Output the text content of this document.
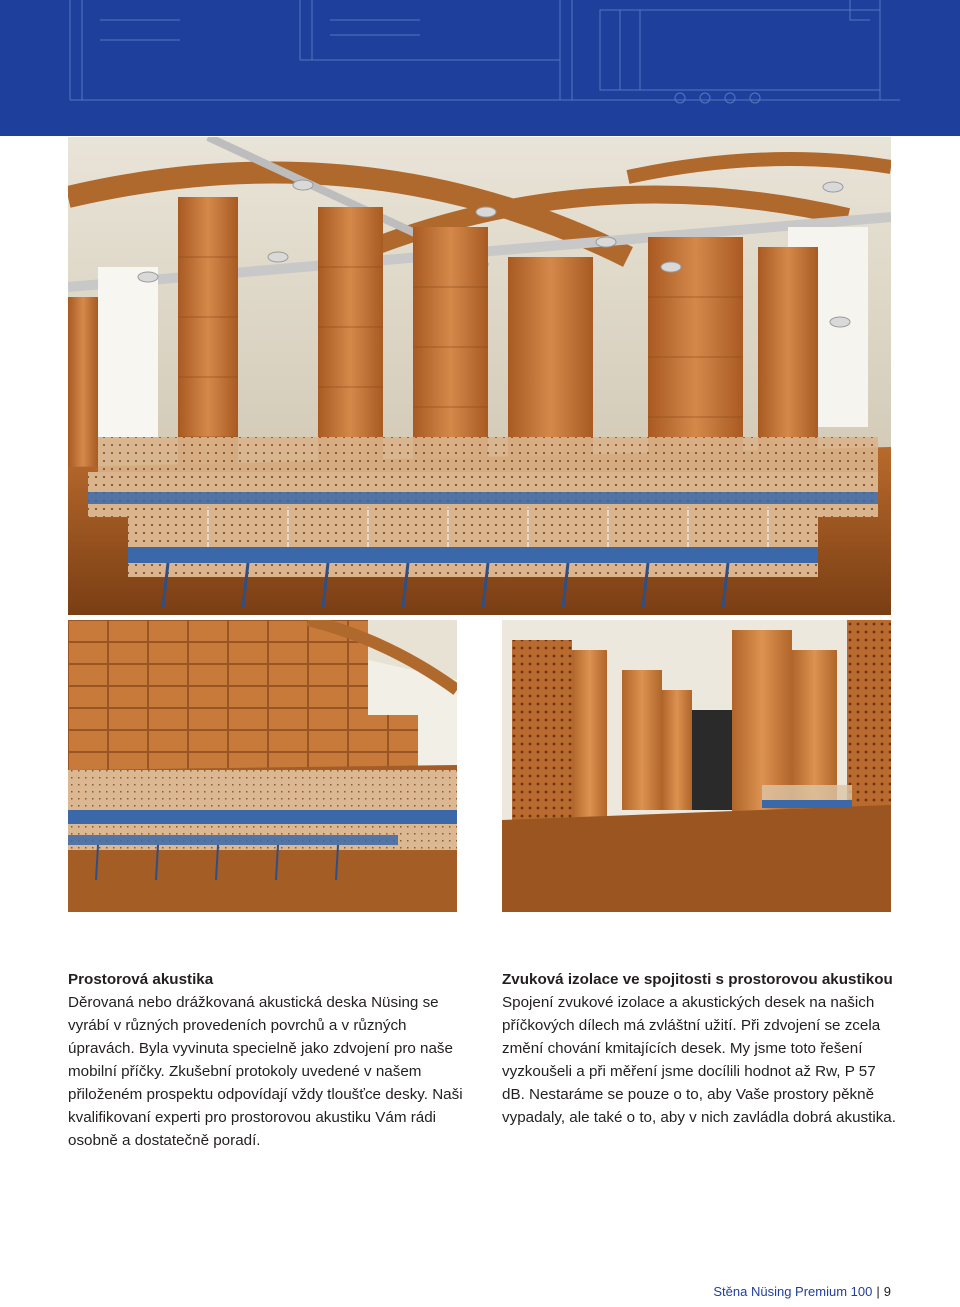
Prostorová akustika

Děrovaná nebo drážkovaná akustická deska Nüsing se vyrábí v různých provedeních povrchů a v různých úpravách. Byla vyvinuta specielně jako zdvojení pro naše mobilní příčky. Zkušební protokoly uvedené v našem přiloženém prospektu odpovídají vždy tloušťce desky. Naši kvalifikovaní experti pro prostorovou akustiku Vám rádi osobně a dostatečně poradí.

Zvuková izolace ve spojitosti s prostorovou akustikou

Spojení zvukové izolace a akustických desek na našich příčkových dílech má zvláštní užití. Při zdvojení se zcela změní chování kmitajících desek. My jsme toto řešení vyzkoušeli a při měření jsme docílili hodnot až Rw, P 57 dB. Nestaráme se pouze o to, aby Vaše prostory pěkně vypadaly, ale také o to, aby v nich zavládla dobrá akustika.

Stěna Nüsing Premium 100 | 9
